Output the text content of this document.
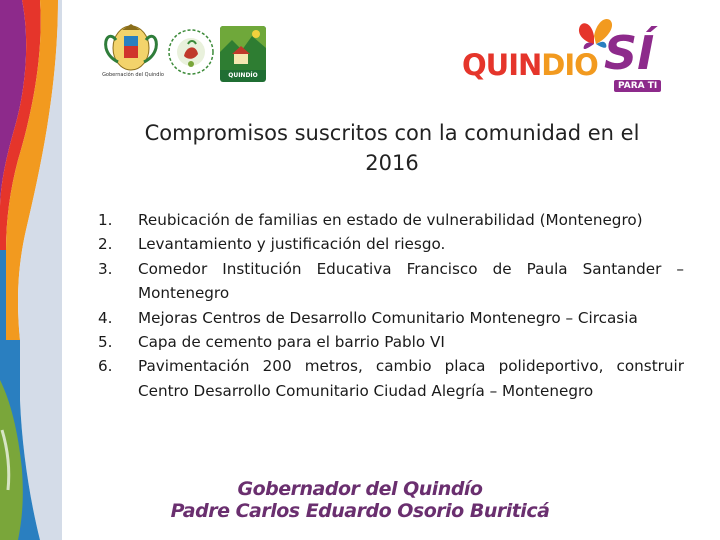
Gobernación del Quindío	QUINDÍO	QUINDIO SÍ
PARA TI
Compromisos suscritos con la comunidad en el
2016
1. Reubicación de familias en estado de vulnerabilidad (Montenegro)
2. Levantamiento y justificación del riesgo.
3. Comedor Institución Educativa Francisco de Paula Santander – Montenegro
4. Mejoras Centros de Desarrollo Comunitario Montenegro – Circasia
5. Capa de cemento para el barrio Pablo VI
6. Pavimentación 200 metros, cambio placa polideportivo, construir Centro Desarrollo Comunitario Ciudad Alegría – Montenegro
Gobernador del Quindío
Padre Carlos Eduardo Osorio Buriticá
